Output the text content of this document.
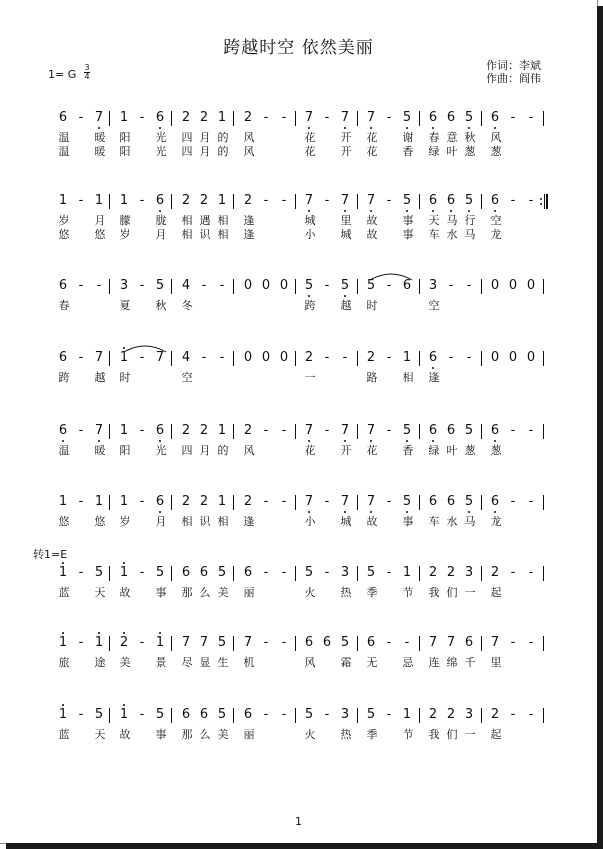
跨越时空 依然美丽
1= G
3
4
作词：李斌
作曲：阎伟
转1=E
1
6 - 7 1 - 6 2 2 1 2 -	-	7 - 7 7 - 5 6 6 5 6 -	-
温	暖	阳	光	四 月 的	风	花	开	花	谢	春 意 秋	风
温	暖	阳	光	四 月 的	风	花	开	花	香	绿 叶 葱	葱
1 - 1 1 - 6 2 2 1 2 -	-	7 - 7 7 - 5 6 6 5 6 -	-
岁	月	朦	胧	相 遇 相	逢	城	里	故	事	天 马 行	空
悠	悠	岁	月	相 识 相	逢	小	城	故	事	车 水 马	龙
6 -	-	3 - 5 4 -	-	0 0 0 5 - 5 5 - 6 3 -	-	0 0 0
春	夏	秋	冬	跨	越	时	空
6 - 7 1 - 7 4 -	-	0 0 0 2 -	-	2 - 1 6 -	-	0 0 0
跨	越	时	空	一	路	相	逢
6 - 7 1 - 6 2 2 1 2 -	-	7 - 7 7 - 5 6 6 5 6 -	-
温	暖	阳	光	四 月 的	风	花	开	花	香	绿 叶 葱	葱
1 - 1 1 - 6 2 2 1 2 -	-	7 - 7 7 - 5 6 6 5 6 -	-
悠	悠	岁	月	相 识 相	逢	小	城	故	事	车 水 马	龙
1 - 5 1 - 5 6 6 5 6 -	-	5 - 3 5 - 1 2 2 3 2 -	-
蓝	天	故	事	那 么 美	丽	火	热	季	节	我 们 一	起
1 - 1 2 - 1 7 7 5 7 -	-	6 6 5 6 -	-	7 7 6 7 -	-
旅	途	美	景	尽 显 生	机	风	霜	无	忌	连 绵 千	里
1 - 5 1 - 5 6 6 5 6 -	-	5 - 3 5 - 1 2 2 3 2 -	-
蓝	天	故	事	那 么 美	丽	火	热	季	节	我 们 一	起
